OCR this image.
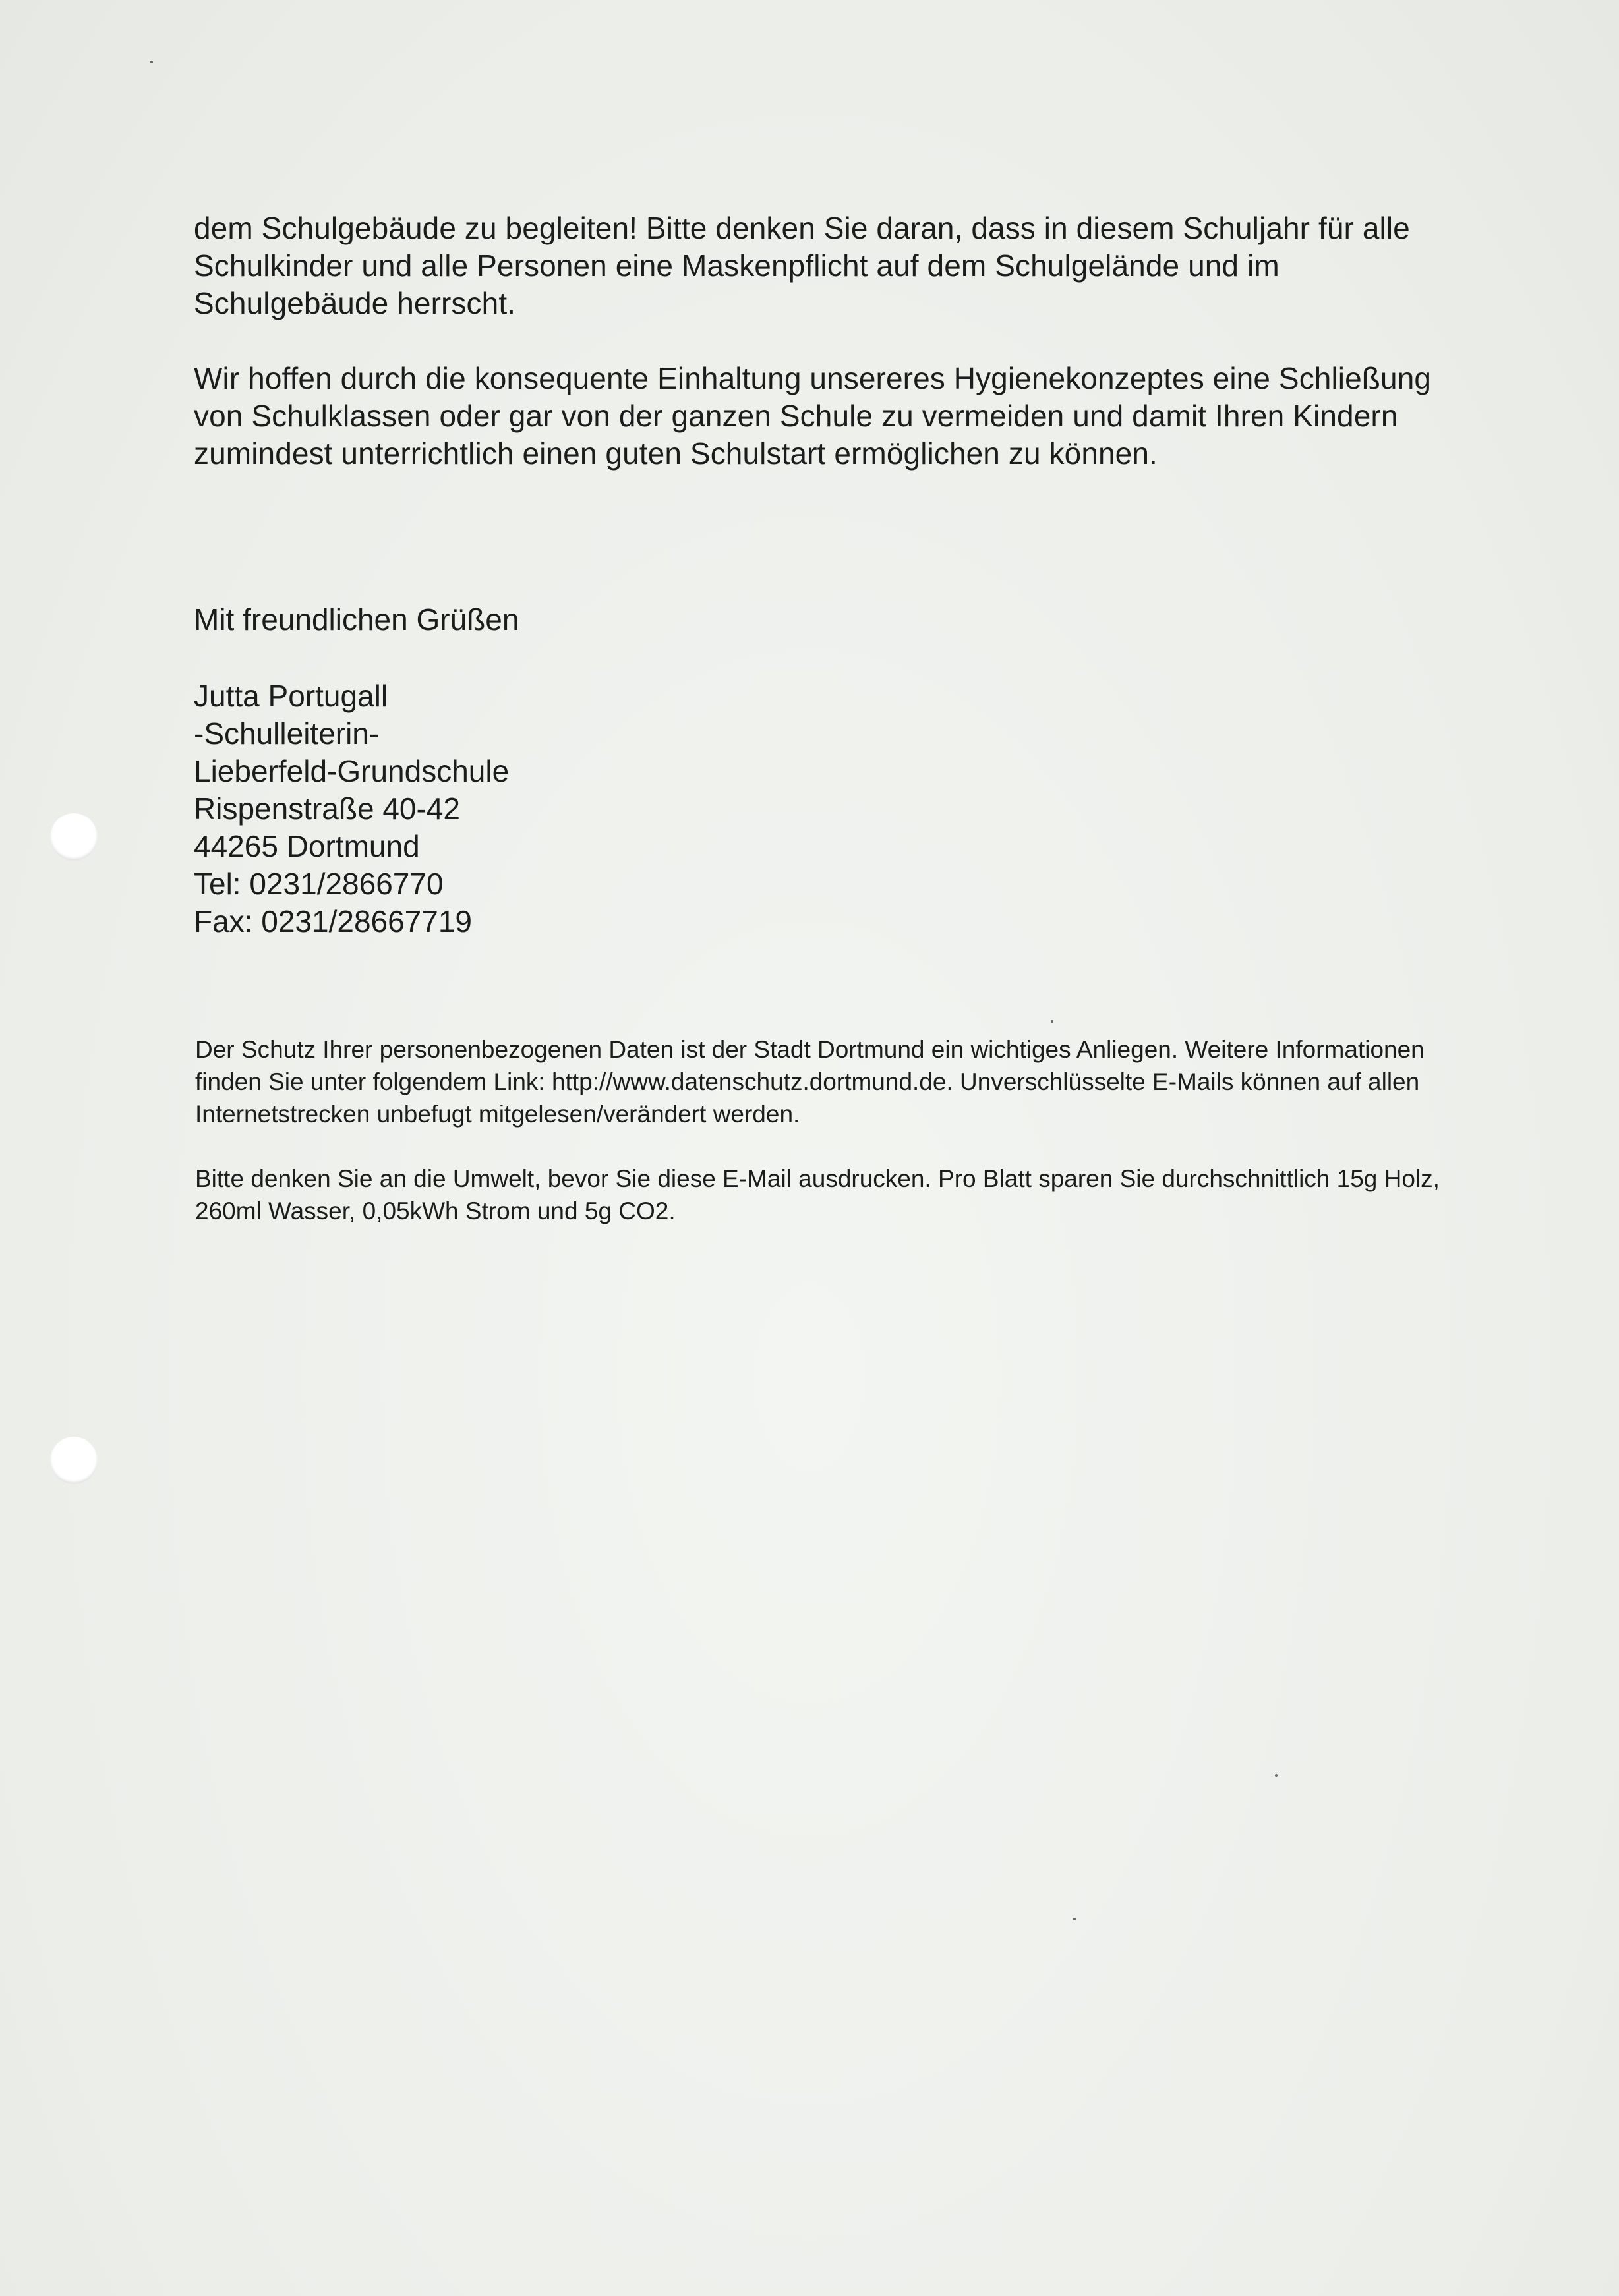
dem Schulgebäude zu begleiten! Bitte denken Sie daran, dass in diesem Schuljahr für alle Schulkinder und alle Personen eine Maskenpflicht auf dem Schulgelände und im Schulgebäude herrscht.

Wir hoffen durch die konsequente Einhaltung unsereres Hygienekonzeptes eine Schließung von Schulklassen oder gar von der ganzen Schule zu vermeiden und damit Ihren Kindern zumindest unterrichtlich einen guten Schulstart ermöglichen zu können.

Mit freundlichen Grüßen
Jutta Portugall
-Schulleiterin-
Lieberfeld-Grundschule
Rispenstraße 40-42
44265 Dortmund
Tel: 0231/2866770
Fax: 0231/28667719

Der Schutz Ihrer personenbezogenen Daten ist der Stadt Dortmund ein wichtiges Anliegen. Weitere Informationen finden Sie unter folgendem Link: http://www.datenschutz.dortmund.de. Unverschlüsselte E-Mails können auf allen Internetstrecken unbefugt mitgelesen/verändert werden.

Bitte denken Sie an die Umwelt, bevor Sie diese E-Mail ausdrucken. Pro Blatt sparen Sie durchschnittlich 15g Holz, 260ml Wasser, 0,05kWh Strom und 5g CO2.
